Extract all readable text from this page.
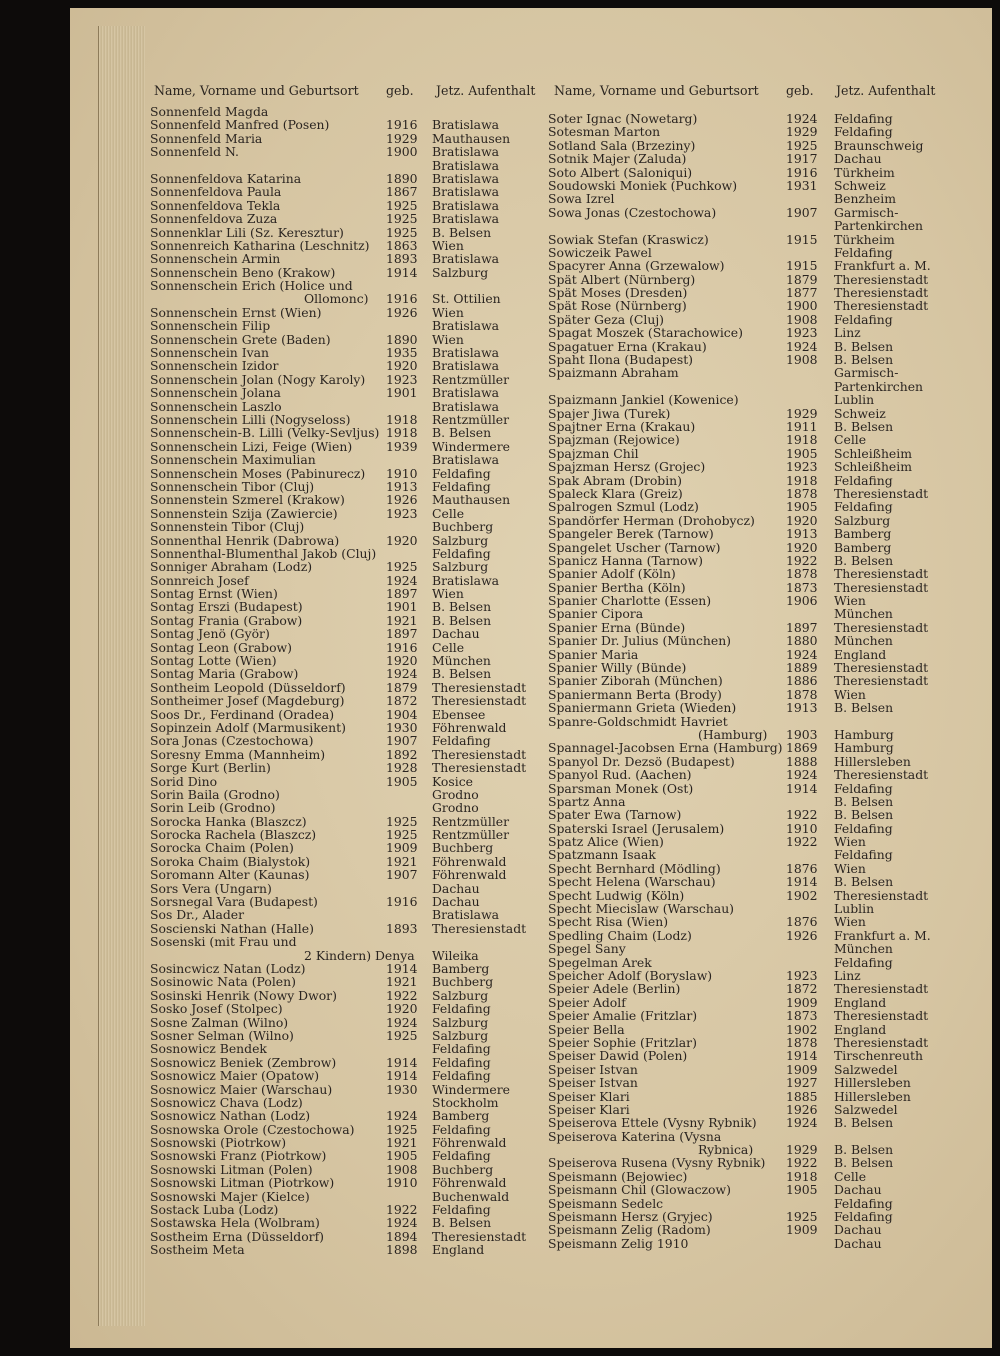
Name, Vorname und Geburtsort geb. Jetz. Aufenthalt Name, Vorname und Geburtsort geb. Jetz. Aufenthalt
Sonnenfeld Magda
Sonnenfeld Manfred (Posen)	1916 Bratislawa
Sonnenfeld Maria	1929 Mauthausen
Sonnenfeld N.	1900 Bratislawa
Bratislawa
Sonnenfeldova Katarina	1890 Bratislawa
Sonnenfeldova Paula	1867 Bratislawa
Sonnenfeldova Tekla	1925 Bratislawa
Sonnenfeldova Zuza	1925 Bratislawa
Sonnenklar Lili (Sz. Keresztur)	1925 B. Belsen
Sonnenreich Katharina (Leschnitz) 1863 Wien
Sonnenschein Armin	1893 Bratislawa
Sonnenschein Beno (Krakow)	1914 Salzburg
Sonnenschein Erich (Holice und
Ollomonc) 1916 St. Ottilien
Sonnenschein Ernst (Wien)	1926 Wien
Sonnenschein Filip	Bratislawa
Sonnenschein Grete (Baden)	1890 Wien
Sonnenschein Ivan	1935 Bratislawa
Sonnenschein Izidor	1920 Bratislawa
Sonnenschein Jolan (Nogy Karoly) 1923 Rentzmüller
Sonnenschein Jolana	1901 Bratislawa
Sonnenschein Laszlo	Bratislawa
Sonnenschein Lilli (Nogyseloss)	1918 Rentzmüller
Sonnenschein-B. Lilli (Velky-Sevljus) 1918 B. Belsen
Sonnenschein Lizi, Feige (Wien)	1939 Windermere
Sonnenschein Maximulian	Bratislawa
Sonnenschein Moses (Pabinurecz) 1910 Feldafing
Sonnenschein Tibor (Cluj)	1913 Feldafing
Sonnenstein Szmerel (Krakow)	1926 Mauthausen
Sonnenstein Szija (Zawiercie)	1923 Celle
Sonnenstein Tibor (Cluj)	Buchberg
Sonnenthal Henrik (Dabrowa)	1920 Salzburg
Sonnenthal-Blumenthal Jakob (Cluj)	Feldafing
Sonniger Abraham (Lodz)	1925 Salzburg
Sonnreich Josef	1924 Bratislawa
Sontag Ernst (Wien)	1897 Wien
Sontag Erszi (Budapest)	1901 B. Belsen
Sontag Frania (Grabow)	1921 B. Belsen
Sontag Jenö (Györ)	1897 Dachau
Sontag Leon (Grabow)	1916 Celle
Sontag Lotte (Wien)	1920 München
Sontag Maria (Grabow)	1924 B. Belsen
Sontheim Leopold (Düsseldorf)	1879 Theresienstadt
Sontheimer Josef (Magdeburg)	1872 Theresienstadt
Soos Dr., Ferdinand (Oradea)	1904 Ebensee
Sopinzein Adolf (Marmusikent)	1930 Föhrenwald
Sora Jonas (Czestochowa)	1907 Feldafing
Soresny Emma (Mannheim)	1892 Theresienstadt
Sorge Kurt (Berlin)	1928 Theresienstadt
Sorid Dino	1905 Kosice
Sorin Baila (Grodno)	Grodno
Sorin Leib (Grodno)	Grodno
Sorocka Hanka (Blaszcz)	1925 Rentzmüller
Sorocka Rachela (Blaszcz)	1925 Rentzmüller
Sorocka Chaim (Polen)	1909 Buchberg
Soroka Chaim (Bialystok)	1921 Föhrenwald
Soromann Alter (Kaunas)	1907 Föhrenwald
Sors Vera (Ungarn)	Dachau
Sorsnegal Vara (Budapest)	1916 Dachau
Sos Dr., Alader	Bratislawa
Soscienski Nathan (Halle)	1893 Theresienstadt
Sosenski (mit Frau und
2 Kindern) Denya Wileika
Sosincwicz Natan (Lodz)	1914 Bamberg
Sosinowic Nata (Polen)	1921 Buchberg
Sosinski Henrik (Nowy Dwor)	1922 Salzburg
Sosko Josef (Stolpec)	1920 Feldafing
Sosne Zalman (Wilno)	1924 Salzburg
Sosner Selman (Wilno)	1925 Salzburg
Sosnowicz Bendek	Feldafing
Sosnowicz Beniek (Zembrow)	1914 Feldafing
Sosnowicz Maier (Opatow)	1914 Feldafing
Sosnowicz Maier (Warschau)	1930 Windermere
Sosnowicz Chava (Lodz)	Stockholm
Sosnowicz Nathan (Lodz)	1924 Bamberg
Sosnowska Orole (Czestochowa)	1925 Feldafing
Sosnowski (Piotrkow)	1921 Föhrenwald
Sosnowski Franz (Piotrkow)	1905 Feldafing
Sosnowski Litman (Polen)	1908 Buchberg
Sosnowski Litman (Piotrkow)	1910 Föhrenwald
Sosnowski Majer (Kielce)	Buchenwald
Sostack Luba (Lodz)	1922 Feldafing
Sostawska Hela (Wolbram)	1924 B. Belsen
Sostheim Erna (Düsseldorf)	1894 Theresienstadt
Sostheim Meta	1898 England
Soter Ignac (Nowetarg)	1924 Feldafing
Sotesman Marton	1929 Feldafing
Sotland Sala (Brzeziny)	1925 Braunschweig
Sotnik Majer (Zaluda)	1917 Dachau
Soto Albert (Saloniqui)	1916 Türkheim
Soudowski Moniek (Puchkow)	1931 Schweiz
Sowa Izrel	Benzheim
Sowa Jonas (Czestochowa)	1907 Garmisch-
Partenkirchen
Sowiak Stefan (Kraswicz)	1915 Türkheim
Sowiczeik Pawel	Feldafing
Spacyrer Anna (Grzewalow)	1915 Frankfurt a. M.
Spät Albert (Nürnberg)	1879 Theresienstadt
Spät Moses (Dresden)	1877 Theresienstadt
Spät Rose (Nürnberg)	1900 Theresienstadt
Später Geza (Cluj)	1908 Feldafing
Spagat Moszek (Starachowice)	1923 Linz
Spagatuer Erna (Krakau)	1924 B. Belsen
Spaht Ilona (Budapest)	1908 B. Belsen
Spaizmann Abraham	Garmisch-
Partenkirchen
Spaizmann Jankiel (Kowenice)	Lublin
Spajer Jiwa (Turek)	1929 Schweiz
Spajtner Erna (Krakau)	1911 B. Belsen
Spajzman (Rejowice)	1918 Celle
Spajzman Chil	1905 Schleißheim
Spajzman Hersz (Grojec)	1923 Schleißheim
Spak Abram (Drobin)	1918 Feldafing
Spaleck Klara (Greiz)	1878 Theresienstadt
Spalrogen Szmul (Lodz)	1905 Feldafing
Spandörfer Herman (Drohobycz)	1920 Salzburg
Spangeler Berek (Tarnow)	1913 Bamberg
Spangelet Uscher (Tarnow)	1920 Bamberg
Spanicz Hanna (Tarnow)	1922 B. Belsen
Spanier Adolf (Köln)	1878 Theresienstadt
Spanier Bertha (Köln)	1873 Theresienstadt
Spanier Charlotte (Essen)	1906 Wien
Spanier Cipora	München
Spanier Erna (Bünde)	1897 Theresienstadt
Spanier Dr. Julius (München)	1880 München
Spanier Maria	1924 England
Spanier Willy (Bünde)	1889 Theresienstadt
Spanier Ziborah (München)	1886 Theresienstadt
Spaniermann Berta (Brody)	1878 Wien
Spaniermann Grieta (Wieden)	1913 B. Belsen
Spanre-Goldschmidt Havriet
(Hamburg) 1903 Hamburg
Spannagel-Jacobsen Erna (Hamburg) 1869 Hamburg
Spanyol Dr. Dezsö (Budapest)	1888 Hillersleben
Spanyol Rud. (Aachen)	1924 Theresienstadt
Sparsman Monek (Ost)	1914 Feldafing
Spartz Anna	B. Belsen
Spater Ewa (Tarnow)	1922 B. Belsen
Spaterski Israel (Jerusalem)	1910 Feldafing
Spatz Alice (Wien)	1922 Wien
Spatzmann Isaak	Feldafing
Specht Bernhard (Mödling)	1876 Wien
Specht Helena (Warschau)	1914 B. Belsen
Specht Ludwig (Köln)	1902 Theresienstadt
Specht Miecislaw (Warschau)	Lublin
Specht Risa (Wien)	1876 Wien
Spedling Chaim (Lodz)	1926 Frankfurt a. M.
Spegel Sany	München
Spegelman Arek	Feldafing
Speicher Adolf (Boryslaw)	1923 Linz
Speier Adele (Berlin)	1872 Theresienstadt
Speier Adolf	1909 England
Speier Amalie (Fritzlar)	1873 Theresienstadt
Speier Bella	1902 England
Speier Sophie (Fritzlar)	1878 Theresienstadt
Speiser Dawid (Polen)	1914 Tirschenreuth
Speiser Istvan	1909 Salzwedel
Speiser Istvan	1927 Hillersleben
Speiser Klari	1885 Hillersleben
Speiser Klari	1926 Salzwedel
Speiserova Ettele (Vysny Rybnik) 1924 B. Belsen
Speiserova Katerina (Vysna
Rybnica)	1929 B. Belsen
Speiserova Rusena (Vysny Rybnik) 1922 B. Belsen
Speismann (Bejowiec)	1918 Celle
Speismann Chil (Glowaczow)	1905 Dachau
Speismann Sedelc	Feldafing
Speismann Hersz (Gryjec)	1925 Feldafing
Speismann Zelig (Radom)	1909 Dachau
Speismann Zelig 1910	Dachau
